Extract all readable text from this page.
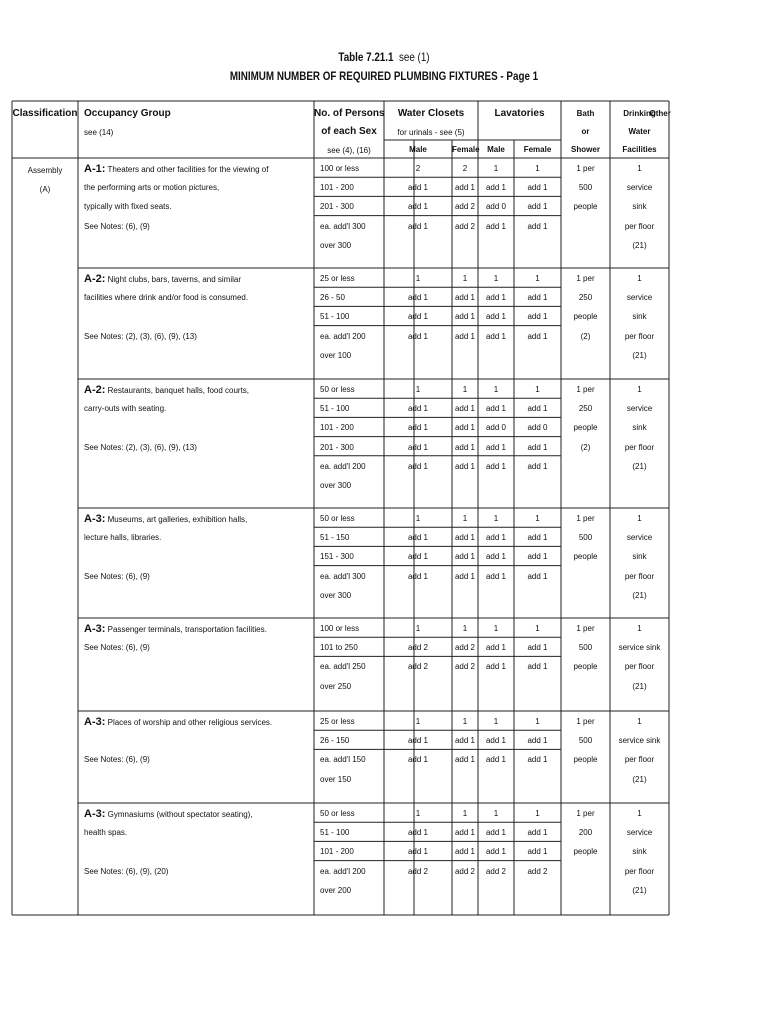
Table 7.21.1 see (1)
MINIMUM NUMBER OF REQUIRED PLUMBING FIXTURES - Page 1
Classification Occupancy Group
see (14)
No. of Persons
of each Sex
see (4), (16)
Water Closets
for urinals - see (5)
Lavatories
Male	Female Male	Female
Bath
or
Shower
Drinking
Water
Facilities
Other
Assembly
(A)
A-1: Theaters and other facilities for the viewing of
the performing arts or motion pictures,
typically with fixed seats.
See Notes: (6), (9)
100 or less	2	2	1	1
101 - 200	add 1	add 1	add 1	add 1
201 - 300	add 1	add 2	add 0	add 1
ea. add'l 300	add 1	add 2	add 1	add 1
over 300
1 per
500
people
1
service
sink
per floor
(21)
A-2: Night clubs, bars, taverns, and similar
facilities where drink and/or food is consumed.
See Notes: (2), (3), (6), (9), (13)
25 or less	1	1	1	1
26 - 50	add 1	add 1	add 1	add 1
51 - 100	add 1	add 1	add 1	add 1
ea. add'l 200	add 1	add 1	add 1	add 1
over 100
1 per
250
people
(2)
1
service
sink
per floor
(21)
A-2: Restaurants, banquet halls, food courts,
carry-outs with seating.
See Notes: (2), (3), (6), (9), (13)
50 or less	1	1	1	1
51 - 100	add 1	add 1	add 1	add 1
101 - 200	add 1	add 1	add 0	add 0
201 - 300	add 1	add 1	add 1	add 1
ea. add'l 200	add 1	add 1	add 1	add 1
over 300
1 per
250
people
(2)
1
service
sink
per floor
(21)
A-3: Museums, art galleries, exhibition halls,
lecture halls, libraries.
See Notes: (6), (9)
50 or less	1	1	1	1
51 - 150	add 1	add 1	add 1	add 1
151 - 300	add 1	add 1	add 1	add 1
ea. add'l 300	add 1	add 1	add 1	add 1
over 300
1 per
500
people
1
service
sink
per floor
(21)
A-3: Passenger terminals, transportation facilities.
See Notes: (6), (9)
100 or less	1	1	1	1
101 to 250	add 2	add 2	add 1	add 1
ea. add'l 250	add 2	add 2	add 1	add 1
over 250
1 per
500
people
1
service sink
per floor
(21)
A-3: Places of worship and other religious services.
See Notes: (6), (9)
25 or less	1	1	1	1
26 - 150	add 1	add 1	add 1	add 1
ea. add'l 150	add 1	add 1	add 1	add 1
over 150
1 per
500
people
1
service sink
per floor
(21)
A-3: Gymnasiums (without spectator seating),
health spas.
See Notes: (6), (9), (20)
50 or less	1	1	1	1
51 - 100	add 1	add 1	add 1	add 1
101 - 200	add 1	add 1	add 1	add 1
ea. add'l 200	add 2	add 2	add 2	add 2
over 200
1 per
200
people
1
service
sink
per floor
(21)
